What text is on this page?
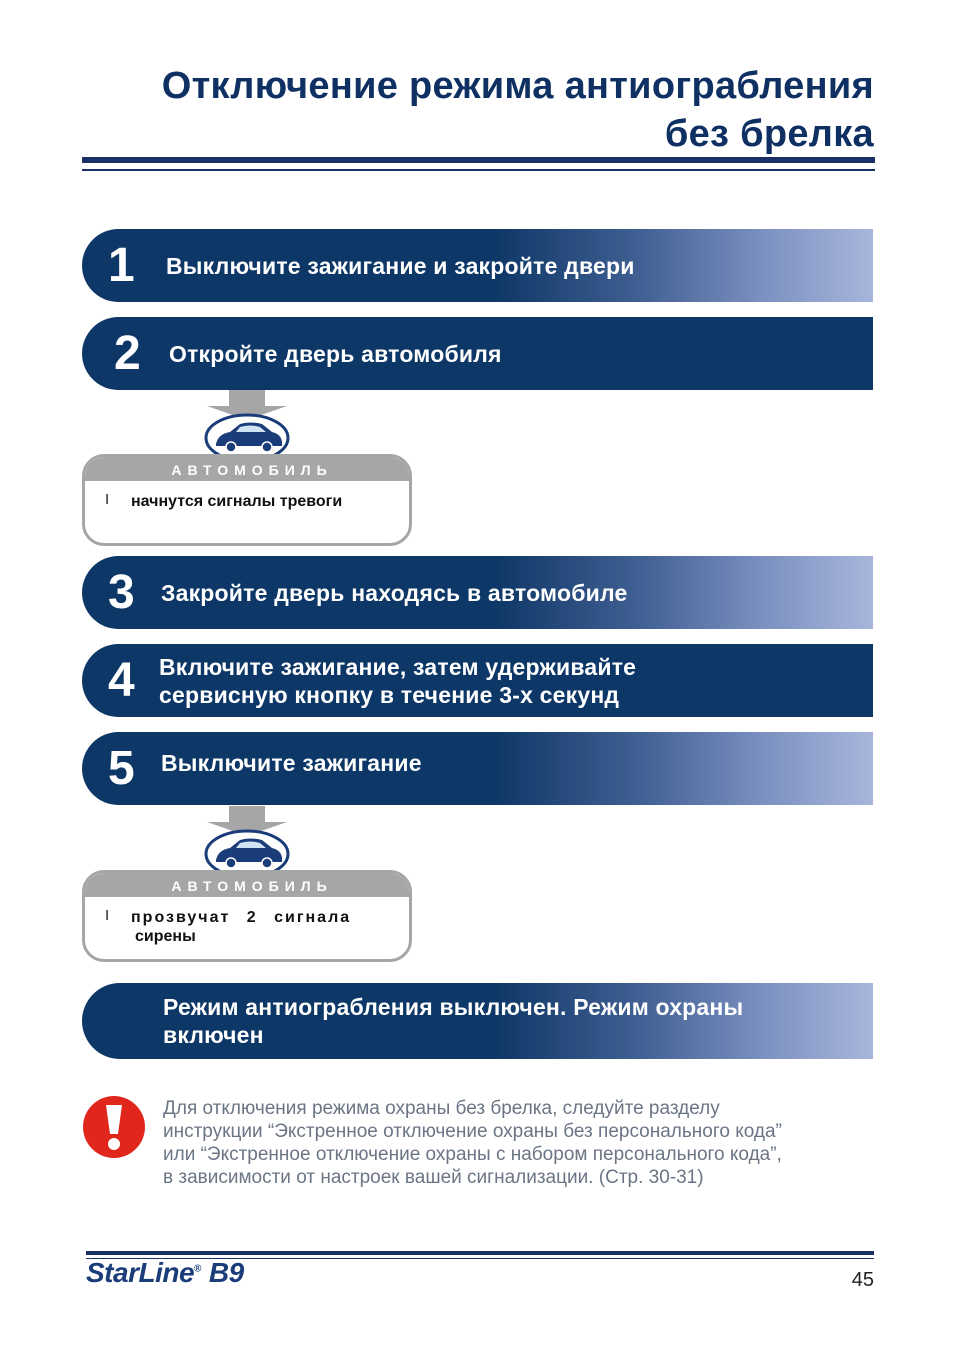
Отключение режима антиограбления
без брелка
1 Выключите зажигание и закройте двери
2 Откройте дверь автомобиля
АВТОМОБИЛЬ
I начнутся сигналы тревоги
3 Закройте дверь находясь в автомобиле
4 Включите зажигание, затем удерживайте
сервисную кнопку в течение 3-х секунд
5 Выключите зажигание
АВТОМОБИЛЬ
I прозвучат 2 сигнала
сирены
Режим антиограбления выключен. Режим охраны
включен
Для отключения режима охраны без брелка, следуйте разделу
инструкции “Экстренное отключение охраны без персонального кода”
или “Экстренное отключение охраны с набором персонального кода”,
в зависимости от настроек вашей сигнализации. (Стр. 30-31)
StarLine® B9	45
